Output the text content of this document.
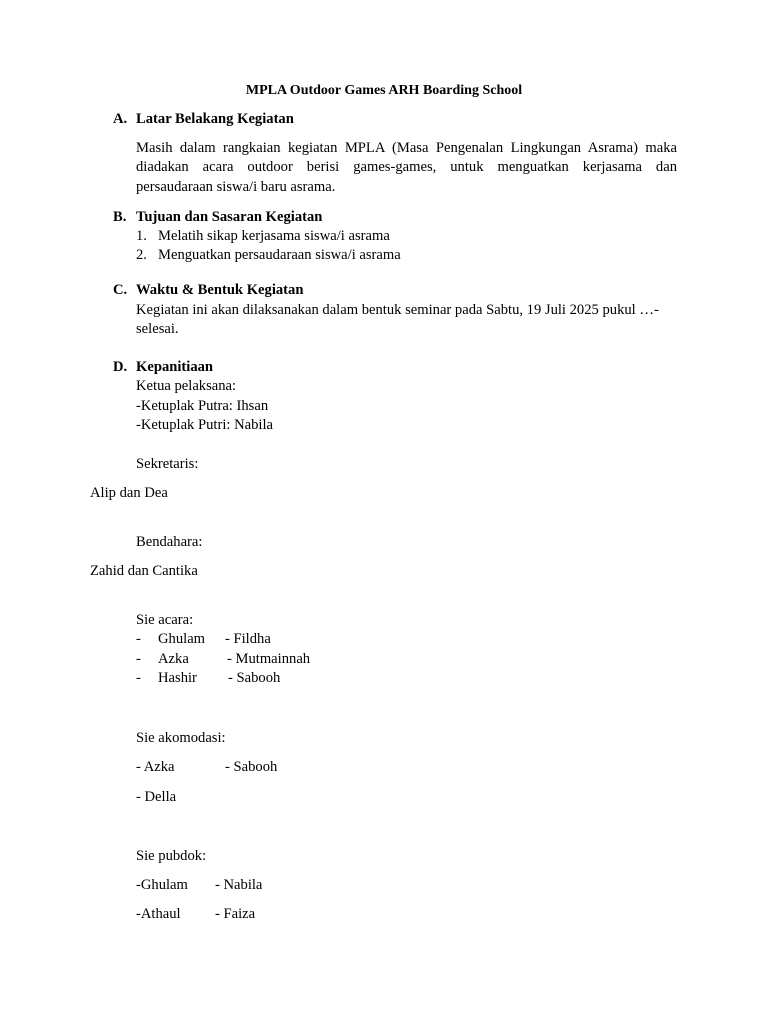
MPLA Outdoor Games ARH Boarding School
A. Latar Belakang Kegiatan
Masih dalam rangkaian kegiatan MPLA (Masa Pengenalan Lingkungan Asrama) maka
diadakan acara outdoor berisi games-games, untuk menguatkan kerjasama dan
persaudaraan siswa/i baru asrama.
B. Tujuan dan Sasaran Kegiatan
1. Melatih sikap kerjasama siswa/i asrama
2. Menguatkan persaudaraan siswa/i asrama
C. Waktu & Bentuk Kegiatan
Kegiatan ini akan dilaksanakan dalam bentuk seminar pada Sabtu, 19 Juli 2025 pukul …-
selesai.
D. Kepanitiaan
Ketua pelaksana:
-Ketuplak Putra: Ihsan
-Ketuplak Putri: Nabila
Sekretaris:
Alip dan Dea
Bendahara:
Zahid dan Cantika
Sie acara:
- Ghulam - Fildha
- Azka	- Mutmainnah
- Hashir - Sabooh
Sie akomodasi:
- Azka	- Sabooh
- Della
Sie pubdok:
-Ghulam - Nabila
-Athaul - Faiza
